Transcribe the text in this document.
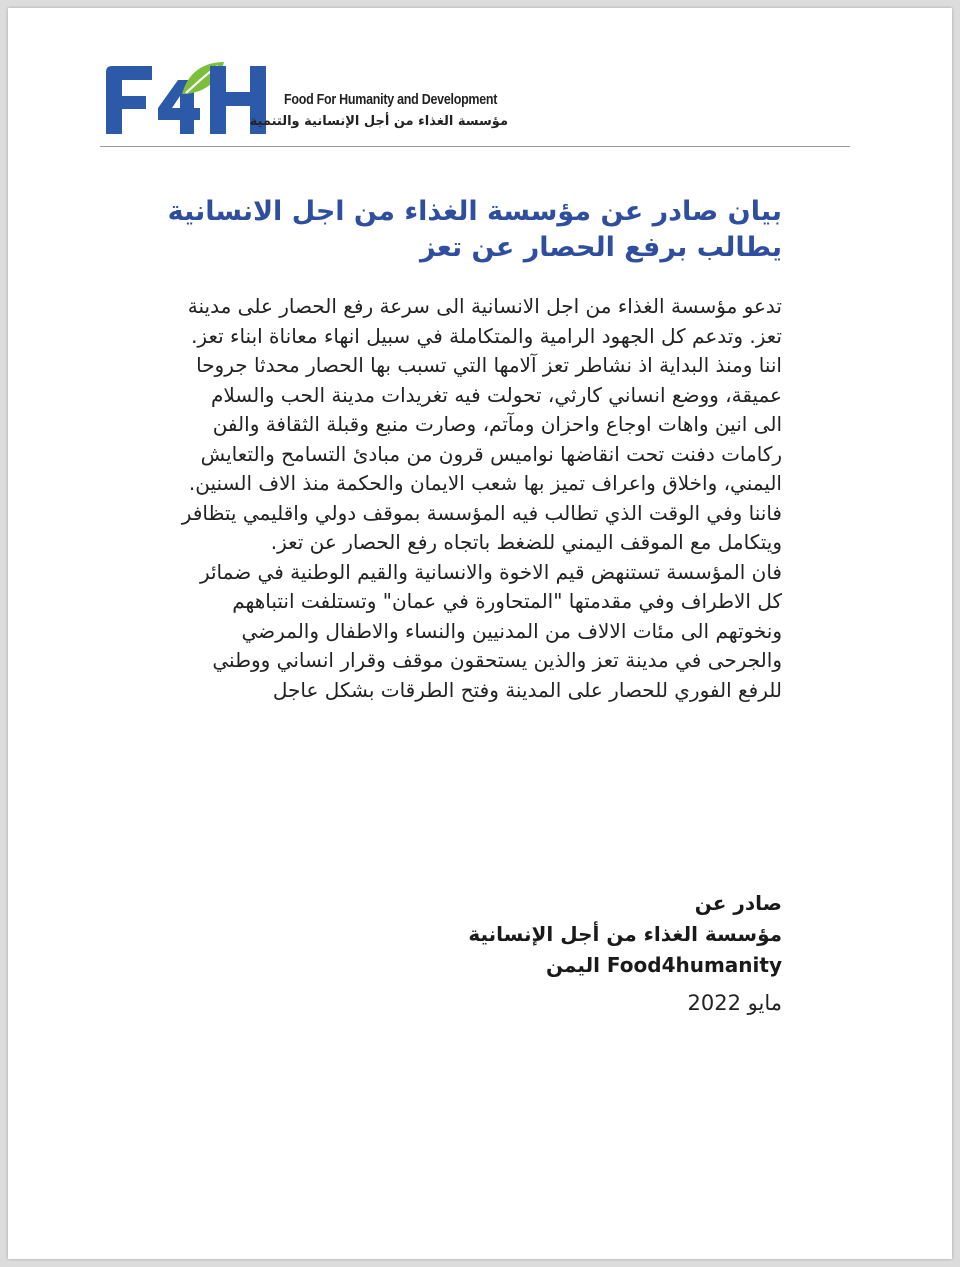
Food For Humanity and Development
مؤسسة الغذاء من أجل الإنسانية والتنمية
بيان صادر عن مؤسسة الغذاء من اجل الانسانية
يطالب برفع الحصار عن تعز

تدعو مؤسسة الغذاء من اجل الانسانية الى سرعة رفع الحصار على مدينة تعز. وتدعم كل الجهود الرامية والمتكاملة في سبيل انهاء معاناة ابناء تعز.

اننا ومنذ البداية اذ نشاطر تعز آلامها التي تسبب بها الحصار محدثا جروحا عميقة، ووضع انساني كارثي، تحولت فيه تغريدات مدينة الحب والسلام الى انين واهات اوجاع واحزان ومآتم، وصارت منبع وقبلة الثقافة والفن ركامات دفنت تحت انقاضها نواميس قرون من مبادئ التسامح والتعايش اليمني، واخلاق واعراف تميز بها شعب الايمان والحكمة منذ الاف السنين.

فاننا وفي الوقت الذي تطالب فيه المؤسسة بموقف دولي واقليمي يتظافر ويتكامل مع الموقف اليمني للضغط باتجاه رفع الحصار عن تعز.

فان المؤسسة تستنهض قيم الاخوة والانسانية والقيم الوطنية في ضمائر كل الاطراف وفي مقدمتها "المتحاورة في عمان" وتستلفت انتباههم ونخوتهم الى مئات الالاف من المدنيين والنساء والاطفال والمرضي والجرحى في مدينة تعز والذين يستحقون موقف وقرار انساني ووطني للرفع الفوري للحصار على المدينة وفتح الطرقات بشكل عاجل

صادر عن
مؤسسة الغذاء من أجل الإنسانية
Food4humanity اليمن
مايو 2022
